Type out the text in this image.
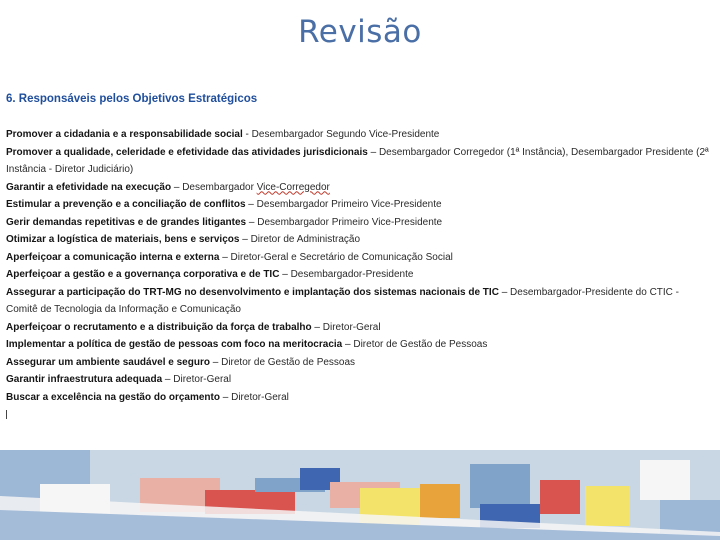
Revisão
6. Responsáveis pelos Objetivos Estratégicos
Promover a cidadania e a responsabilidade social - Desembargador Segundo Vice-Presidente
Promover a qualidade, celeridade e efetividade das atividades jurisdicionais – Desembargador Corregedor (1ª Instância), Desembargador Presidente (2ª Instância - Diretor Judiciário)
Garantir a efetividade na execução – Desembargador Vice-Corregedor
Estimular a prevenção e a conciliação de conflitos – Desembargador Primeiro Vice-Presidente
Gerir demandas repetitivas e de grandes litigantes – Desembargador Primeiro Vice-Presidente
Otimizar a logística de materiais, bens e serviços – Diretor de Administração
Aperfeiçoar a comunicação interna e externa – Diretor-Geral e Secretário de Comunicação Social
Aperfeiçoar a gestão e a governança corporativa e de TIC – Desembargador-Presidente
Assegurar a participação do TRT-MG no desenvolvimento e implantação dos sistemas nacionais de TIC – Desembargador-Presidente do CTIC - Comitê de Tecnologia da Informação e Comunicação
Aperfeiçoar o recrutamento e a distribuição da força de trabalho – Diretor-Geral
Implementar a política de gestão de pessoas com foco na meritocracia – Diretor de Gestão de Pessoas
Assegurar um ambiente saudável e seguro – Diretor de Gestão de Pessoas
Garantir infraestrutura adequada – Diretor-Geral
Buscar a excelência na gestão do orçamento – Diretor-Geral
